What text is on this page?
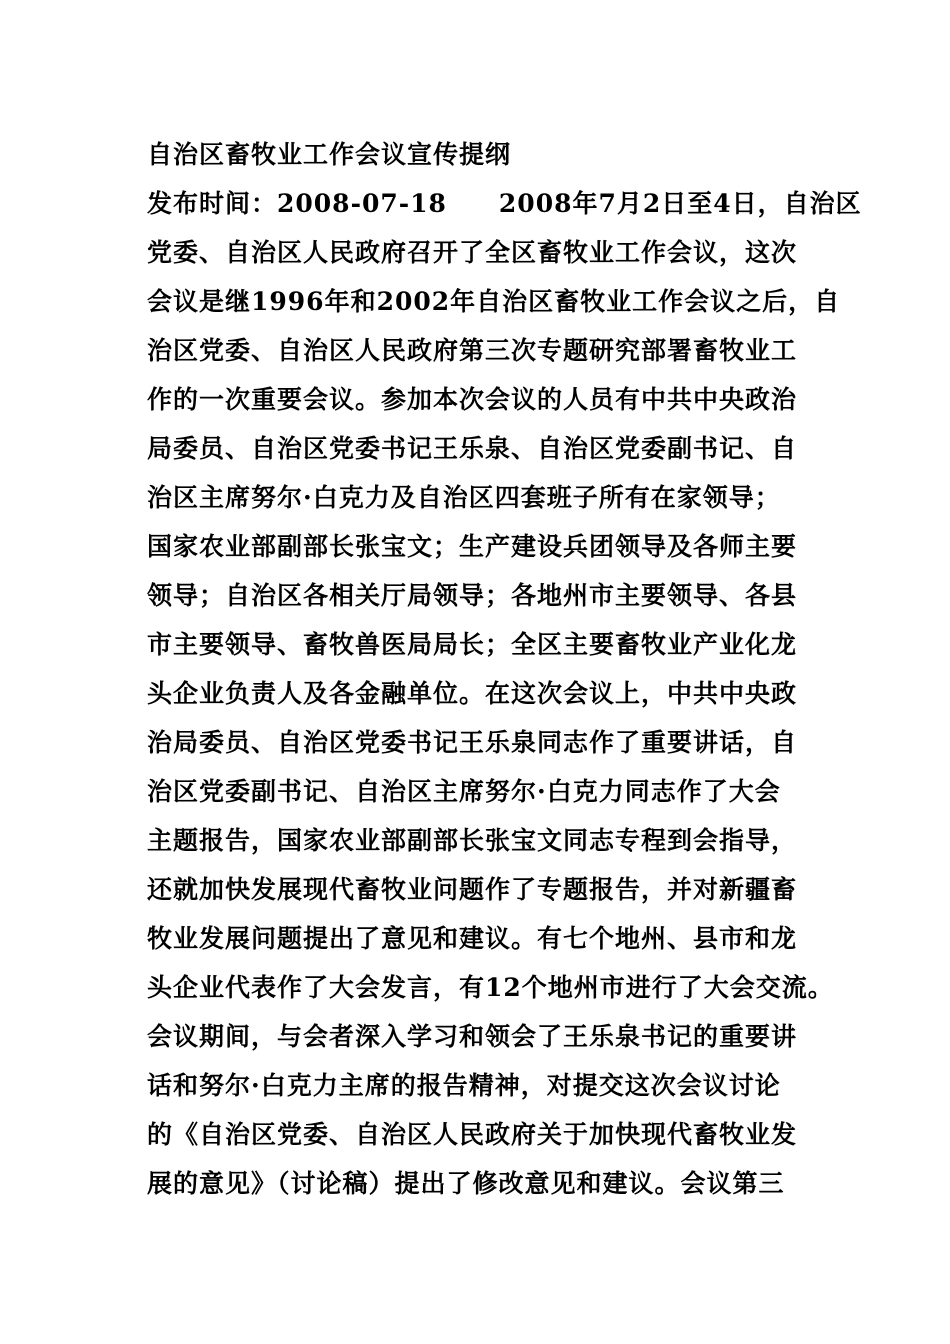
自治区畜牧业工作会议宣传提纲
发布时间：2008-07-18　　2008年7月2日至4日，自治区
党委、自治区人民政府召开了全区畜牧业工作会议，这次
会议是继1996年和2002年自治区畜牧业工作会议之后，自
治区党委、自治区人民政府第三次专题研究部署畜牧业工
作的一次重要会议。参加本次会议的人员有中共中央政治
局委员、自治区党委书记王乐泉、自治区党委副书记、自
治区主席努尔·白克力及自治区四套班子所有在家领导；
国家农业部副部长张宝文；生产建设兵团领导及各师主要
领导；自治区各相关厅局领导；各地州市主要领导、各县
市主要领导、畜牧兽医局局长；全区主要畜牧业产业化龙
头企业负责人及各金融单位。在这次会议上，中共中央政
治局委员、自治区党委书记王乐泉同志作了重要讲话，自
治区党委副书记、自治区主席努尔·白克力同志作了大会
主题报告，国家农业部副部长张宝文同志专程到会指导，
还就加快发展现代畜牧业问题作了专题报告，并对新疆畜
牧业发展问题提出了意见和建议。有七个地州、县市和龙
头企业代表作了大会发言，有12个地州市进行了大会交流。
会议期间，与会者深入学习和领会了王乐泉书记的重要讲
话和努尔·白克力主席的报告精神，对提交这次会议讨论
的《自治区党委、自治区人民政府关于加快现代畜牧业发
展的意见》（讨论稿）提出了修改意见和建议。会议第三
